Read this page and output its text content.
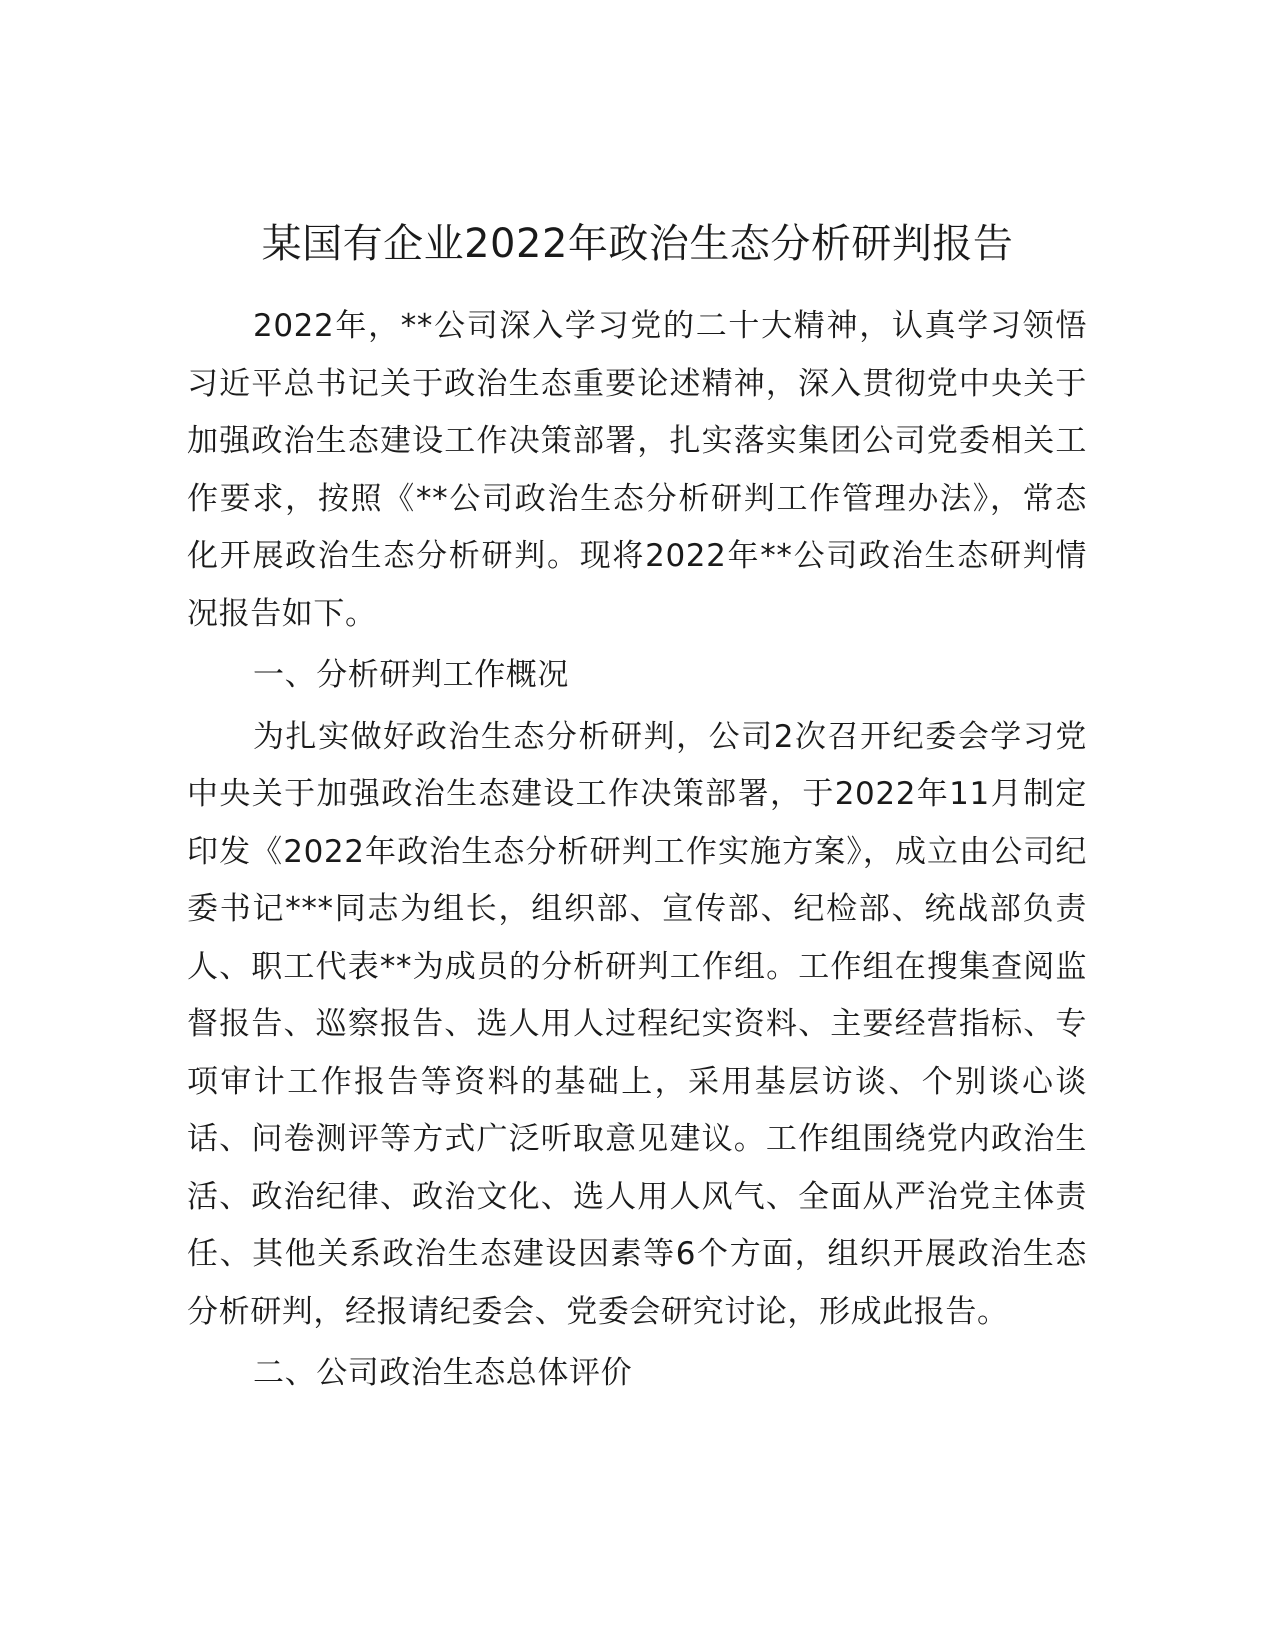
某国有企业2022年政治生态分析研判报告

2022年，**公司深入学习党的二十大精神，认真学习领悟习近平总书记关于政治生态重要论述精神，深入贯彻党中央关于加强政治生态建设工作决策部署，扎实落实集团公司党委相关工作要求，按照《**公司政治生态分析研判工作管理办法》，常态化开展政治生态分析研判。现将2022年**公司政治生态研判情况报告如下。

一、分析研判工作概况

为扎实做好政治生态分析研判，公司2次召开纪委会学习党中央关于加强政治生态建设工作决策部署，于2022年11月制定印发《2022年政治生态分析研判工作实施方案》，成立由公司纪委书记***同志为组长，组织部、宣传部、纪检部、统战部负责人、职工代表**为成员的分析研判工作组。工作组在搜集查阅监督报告、巡察报告、选人用人过程纪实资料、主要经营指标、专项审计工作报告等资料的基础上，采用基层访谈、个别谈心谈话、问卷测评等方式广泛听取意见建议。工作组围绕党内政治生活、政治纪律、政治文化、选人用人风气、全面从严治党主体责任、其他关系政治生态建设因素等6个方面，组织开展政治生态分析研判，经报请纪委会、党委会研究讨论，形成此报告。

二、公司政治生态总体评价
